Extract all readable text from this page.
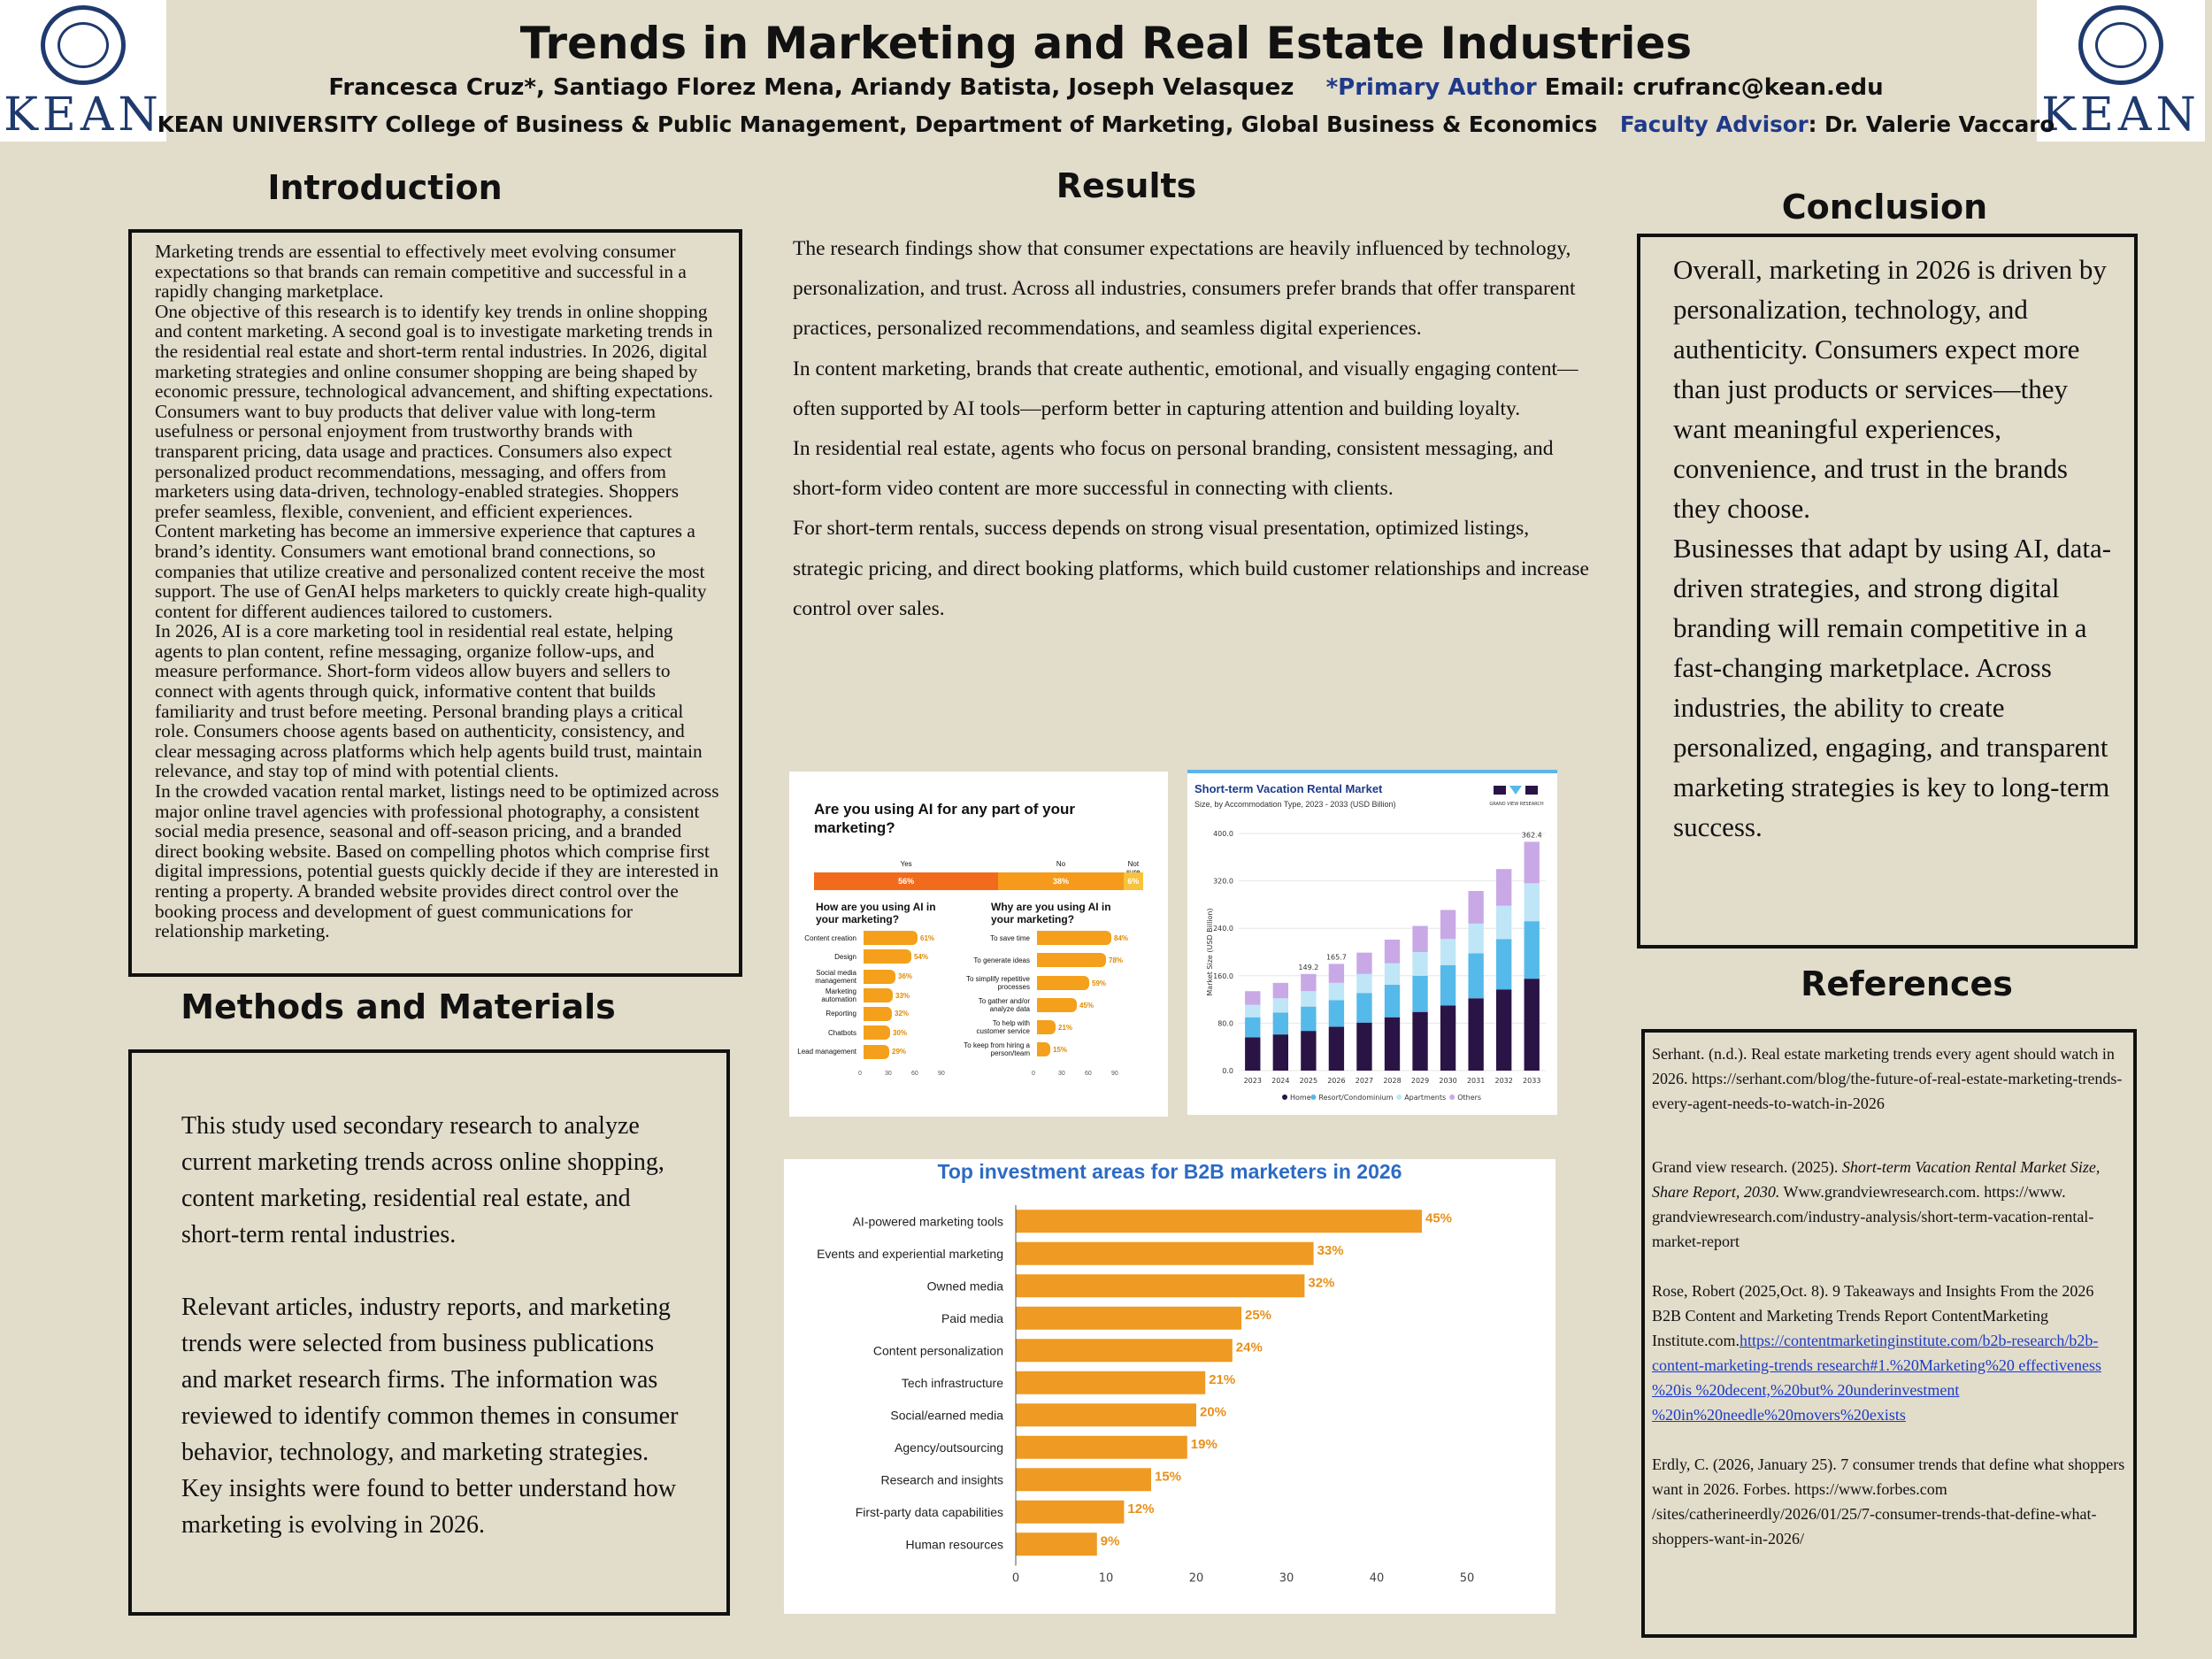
KEAN	KEAN
Trends in Marketing and Real Estate Industries
Francesca Cruz*, Santiago Florez Mena, Ariandy Batista, Joseph Velasquez *Primary Author Email: crufranc@kean.edu
KEAN UNIVERSITY College of Business & Public Management, Department of Marketing, Global Business & Economics Faculty Advisor: Dr. Valerie Vaccaro
Introduction

Marketing trends are essential to effectively meet evolving consumer expectations so that brands can remain competitive and successful in a rapidly changing marketplace.

One objective of this research is to identify key trends in online shopping and content marketing. A second goal is to investigate marketing trends in the residential real estate and short-term rental industries. In 2026, digital marketing strategies and online consumer shopping are being shaped by economic pressure, technological advancement, and shifting expectations. Consumers want to buy products that deliver value with long-term usefulness or personal enjoyment from trustworthy brands with transparent pricing, data usage and practices. Consumers also expect personalized product recommendations, messaging, and offers from marketers using data-driven, technology-enabled strategies. Shoppers prefer seamless, flexible, convenient, and efficient experiences.

Content marketing has become an immersive experience that captures a brand’s identity. Consumers want emotional brand connections, so companies that utilize creative and personalized content receive the most support. The use of GenAI helps marketers to quickly create high-quality content for different audiences tailored to customers.

In 2026, AI is a core marketing tool in residential real estate, helping agents to plan content, refine messaging, organize follow-ups, and measure performance. Short-form videos allow buyers and sellers to connect with agents through quick, informative content that builds familiarity and trust before meeting. Personal branding plays a critical role. Consumers choose agents based on authenticity, consistency, and clear messaging across platforms which help agents build trust, maintain relevance, and stay top of mind with potential clients.

In the crowded vacation rental market, listings need to be optimized across major online travel agencies with professional photography, a consistent social media presence, seasonal and off-season pricing, and a branded direct booking website. Based on compelling photos which comprise first digital impressions, potential guests quickly decide if they are interested in renting a property. A branded website provides direct control over the booking process and development of guest communications for relationship marketing.

Methods and Materials

This study used secondary research to analyze current marketing trends across online shopping, content marketing, residential real estate, and short-term rental industries.

Relevant articles, industry reports, and marketing trends were selected from business publications and market research firms. The information was reviewed to identify common themes in consumer behavior, technology, and marketing strategies. Key insights were found to better understand how marketing is evolving in 2026.

Results

The research findings show that consumer expectations are heavily influenced by technology, personalization, and trust. Across all industries, consumers prefer brands that offer transparent practices, personalized recommendations, and seamless digital experiences.

In content marketing, brands that create authentic, emotional, and visually engaging content—often supported by AI tools—perform better in capturing attention and building loyalty.

In residential real estate, agents who focus on personal branding, consistent messaging, and short-form video content are more successful in connecting with clients.

For short-term rentals, success depends on strong visual presentation, optimized listings, strategic pricing, and direct booking platforms, which build customer relationships and increase control over sales.

Are you using AI for any part of your marketing?
Yes	No	Not
56%	38%	6%
How are you using AI in your marketing?
Why are you using AI in your marketing?
Content creation	61%
Design	54%
Social media management	36%
Marketing automation	33%
Reporting	32%
Chatbots	30%
Lead management	29%
0	30	60	90
To save time	84%
To generate ideas	78%
To simplify repetitive processes	59%
To gather and/or analyze data	45%
To help with customer service	21%
To keep from hiring a person/team	15%
0	30	60	90
Short-term Vacation Rental Market
Size, by Accommodation Type, 2023 - 2033 (USD Billion)	GRAND VIEW RESEARCH
0.0
80.0
160.0
240.0
320.0
400.0
Market Size (USD Billion)
2023 2024 2025
149.2
2026
165.7
2027 2028 2029 2030 2031 2032 2033
362.4
Home Resort/Condominium Apartments Others
Top investment areas for B2B marketers in 2026
AI-powered marketing tools	45%
Events and experiential marketing	33%
Owned media	32%
Paid media	25%
Content personalization	24%
Tech infrastructure	21%
Social/earned media	20%
Agency/outsourcing	19%
Research and insights	15%
First-party data capabilities	12%
Human resources	9%
0	10	20	30	40	50
Conclusion

Overall, marketing in 2026 is driven by personalization, technology, and authenticity. Consumers expect more than just products or services—they want meaningful experiences, convenience, and trust in the brands they choose.

Businesses that adapt by using AI, data-driven strategies, and strong digital branding will remain competitive in a fast-changing marketplace. Across industries, the ability to create personalized, engaging, and transparent marketing strategies is key to long-term success.

References

Serhant. (n.d.). Real estate marketing trends every agent should watch in 2026. https://serhant.com/blog/the-future-of-real-estate-marketing-trends-every-agent-needs-to-watch-in-2026

Grand view research. (2025). Short-term Vacation Rental Market Size, Share Report, 2030. Www.grandviewresearch.com. https://www. grandviewresearch.com/industry-analysis/short-term-vacation-rental-market-report

Rose, Robert (2025,Oct. 8). 9 Takeaways and Insights From the 2026 B2B Content and Marketing Trends Report ContentMarketing Institute.com.https://contentmarketinginstitute.com/b2b-research/b2b-content-marketing-trends research#1.%20Marketing%20 effectiveness %20is %20decent,%20but% 20underinvestment %20in%20needle%20movers%20exists

Erdly, C. (2026, January 25). 7 consumer trends that define what shoppers want in 2026. Forbes. https://www.forbes.com /sites/catherineerdly/2026/01/25/7-consumer-trends-that-define-what-shoppers-want-in-2026/
